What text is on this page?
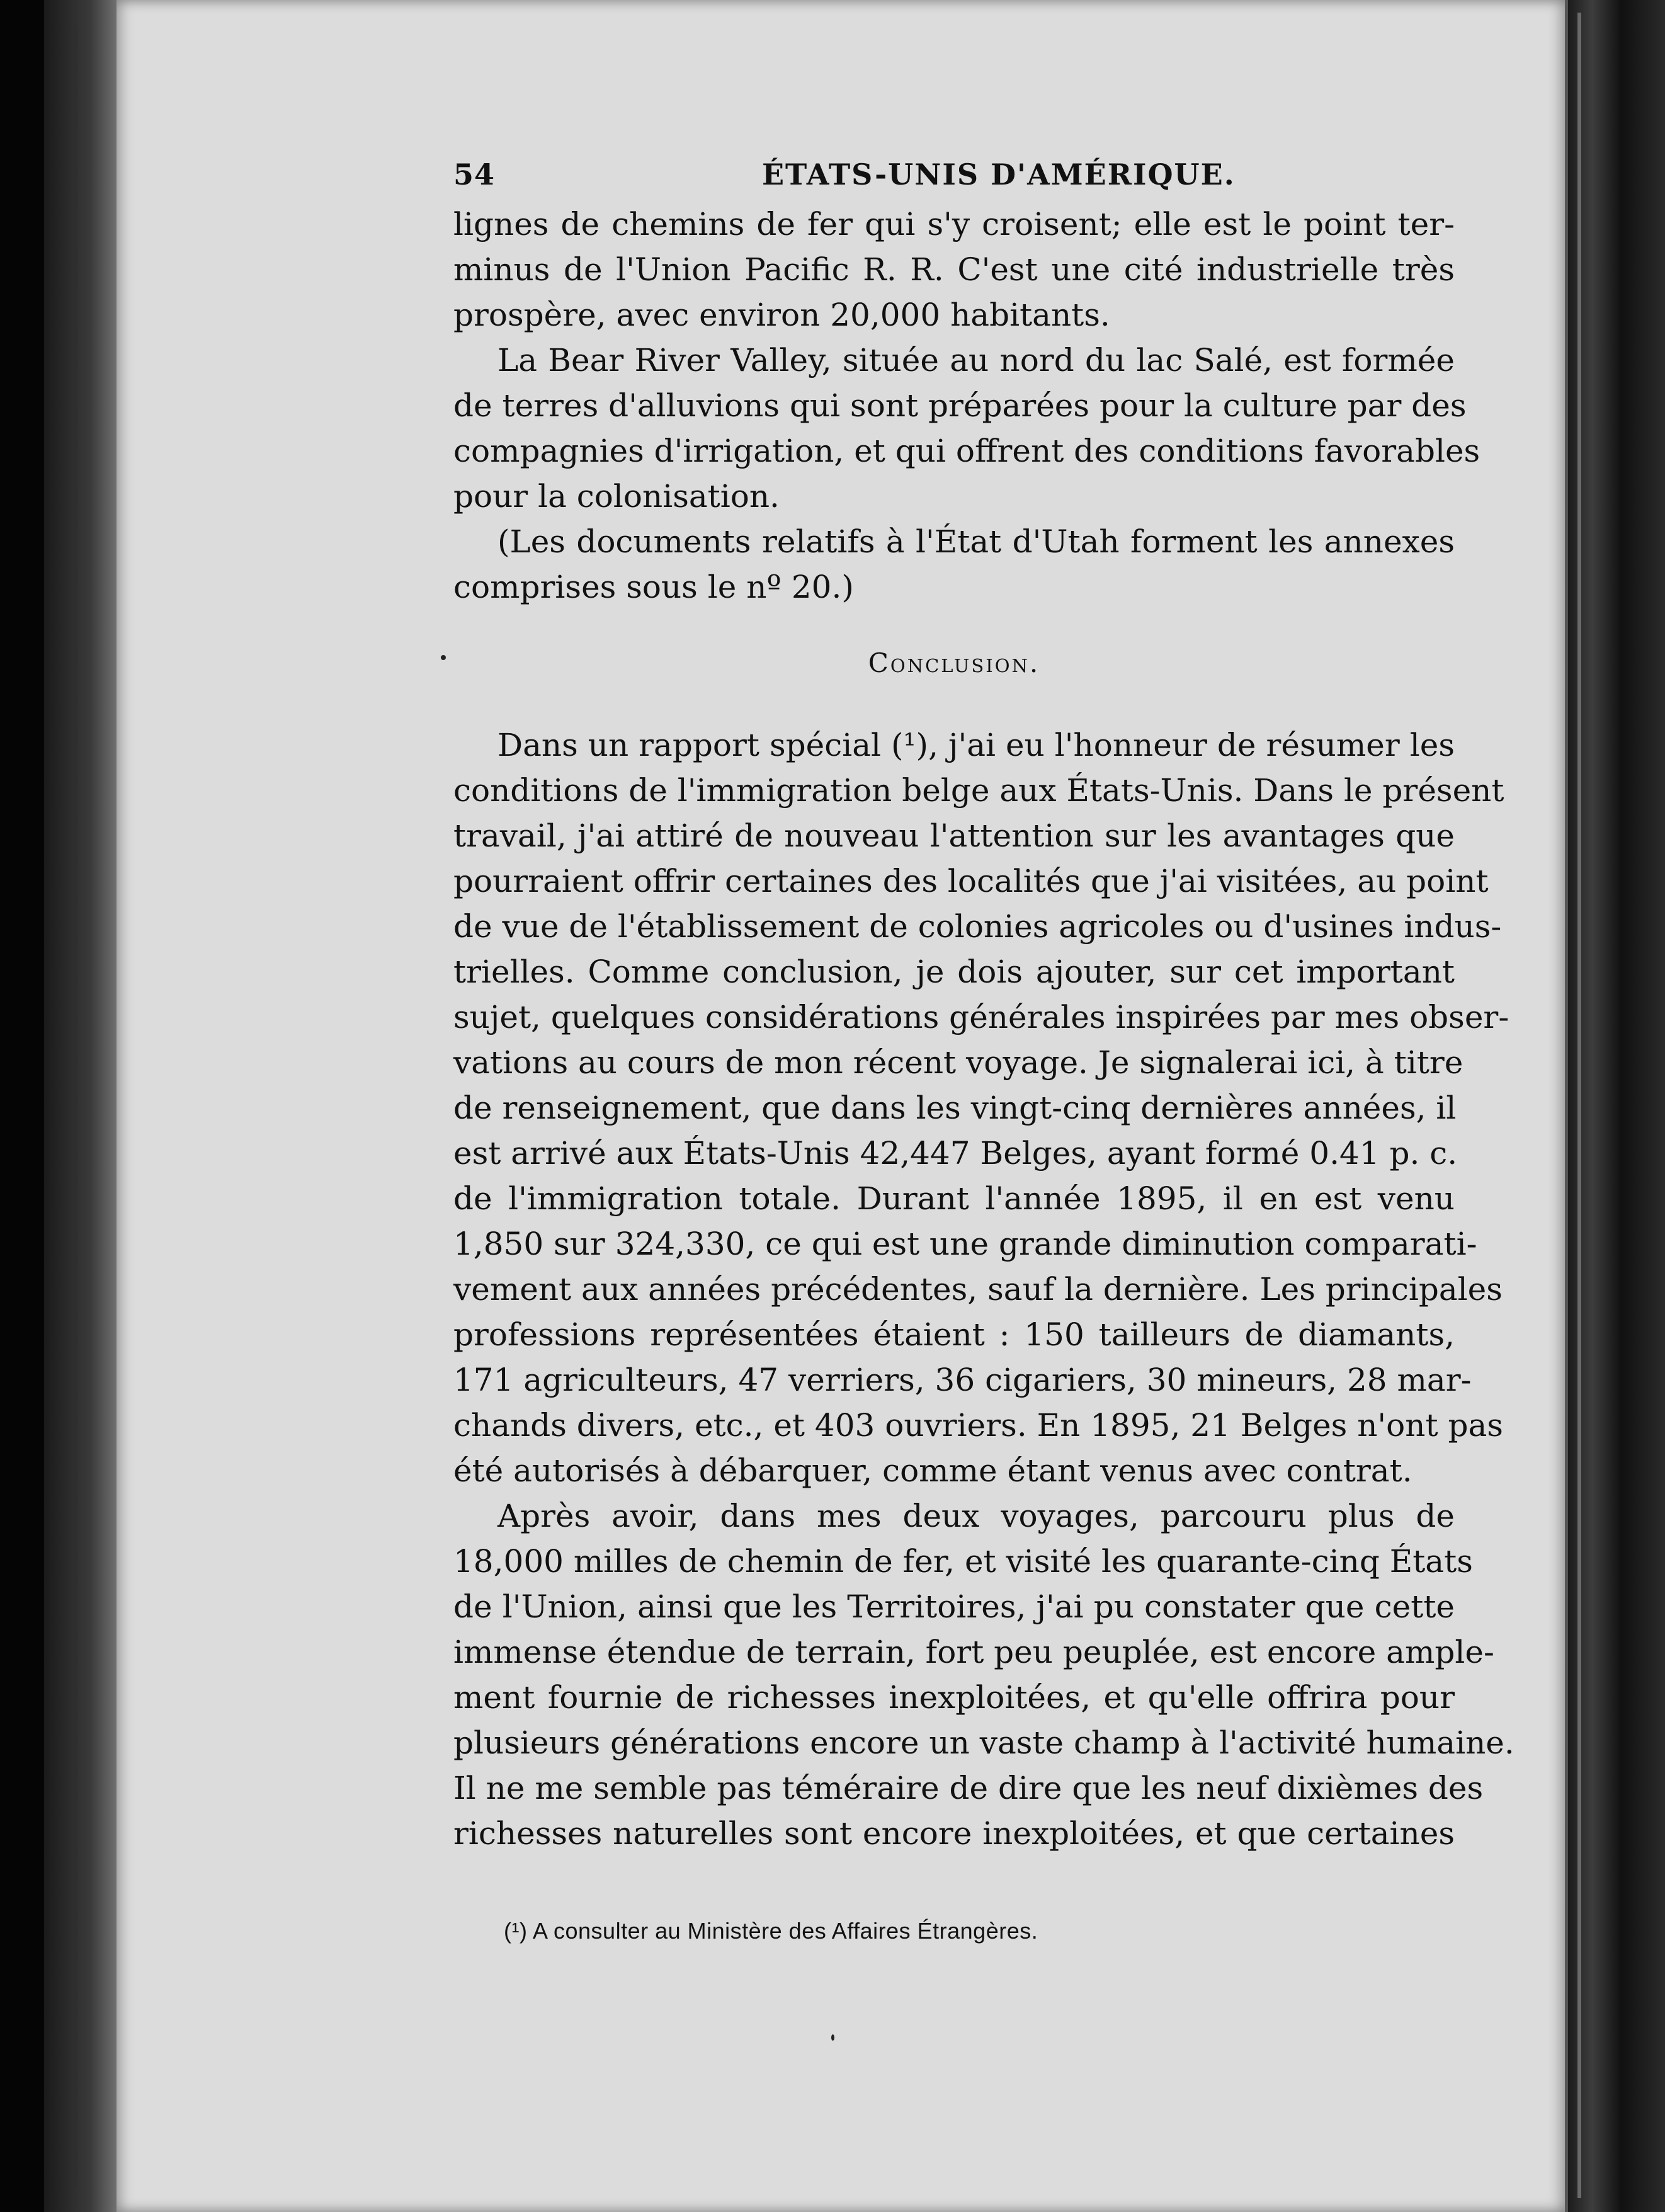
54	ÉTATS-UNIS D'AMÉRIQUE.

lignes de chemins de fer qui s'y croisent; elle est le point ter-
minus de l'Union Pacific R. R. C'est une cité industrielle très
prospère, avec environ 20,000 habitants.

La Bear River Valley, située au nord du lac Salé, est formée
de terres d'alluvions qui sont préparées pour la culture par des
compagnies d'irrigation, et qui offrent des conditions favorables
pour la colonisation.

(Les documents relatifs à l'État d'Utah forment les annexes
comprises sous le nº 20.)

Conclusion.

Dans un rapport spécial (¹), j'ai eu l'honneur de résumer les
conditions de l'immigration belge aux États-Unis. Dans le présent
travail, j'ai attiré de nouveau l'attention sur les avantages que
pourraient offrir certaines des localités que j'ai visitées, au point
de vue de l'établissement de colonies agricoles ou d'usines indus-
trielles. Comme conclusion, je dois ajouter, sur cet important
sujet, quelques considérations générales inspirées par mes obser-
vations au cours de mon récent voyage. Je signalerai ici, à titre
de renseignement, que dans les vingt-cinq dernières années, il
est arrivé aux États-Unis 42,447 Belges, ayant formé 0.41 p. c.
de l'immigration totale. Durant l'année 1895, il en est venu
1,850 sur 324,330, ce qui est une grande diminution comparati-
vement aux années précédentes, sauf la dernière. Les principales
professions représentées étaient : 150 tailleurs de diamants,
171 agriculteurs, 47 verriers, 36 cigariers, 30 mineurs, 28 mar-
chands divers, etc., et 403 ouvriers. En 1895, 21 Belges n'ont pas
été autorisés à débarquer, comme étant venus avec contrat.

Après avoir, dans mes deux voyages, parcouru plus de
18,000 milles de chemin de fer, et visité les quarante-cinq États
de l'Union, ainsi que les Territoires, j'ai pu constater que cette
immense étendue de terrain, fort peu peuplée, est encore ample-
ment fournie de richesses inexploitées, et qu'elle offrira pour
plusieurs générations encore un vaste champ à l'activité humaine.
Il ne me semble pas téméraire de dire que les neuf dixièmes des
richesses naturelles sont encore inexploitées, et que certaines

(¹) A consulter au Ministère des Affaires Étrangères.
